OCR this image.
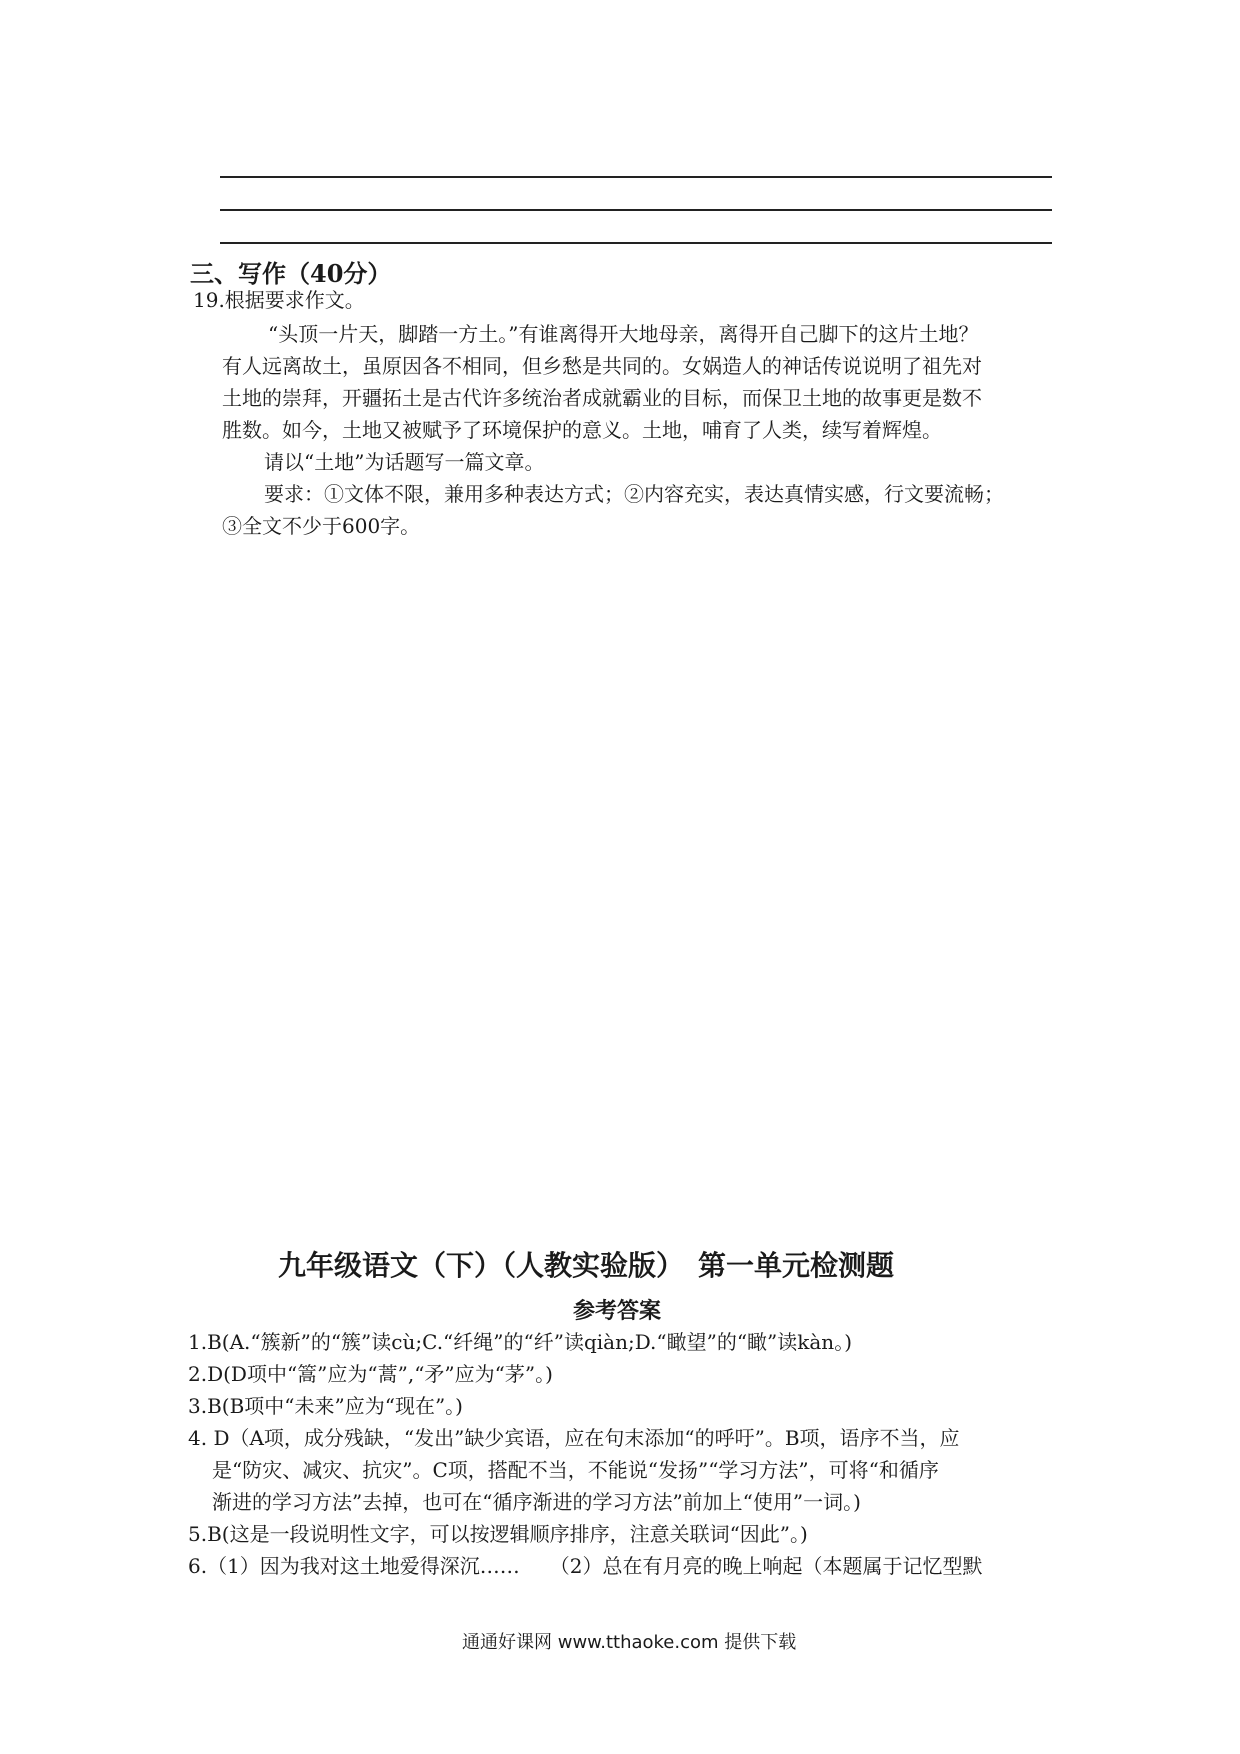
三、写作（40分）
19.根据要求作文。
“头顶一片天，脚踏一方土。”有谁离得开大地母亲，离得开自己脚下的这片土地？
有人远离故土，虽原因各不相同，但乡愁是共同的。女娲造人的神话传说说明了祖先对
土地的崇拜，开疆拓土是古代许多统治者成就霸业的目标，而保卫土地的故事更是数不
胜数。如今，土地又被赋予了环境保护的意义。土地，哺育了人类，续写着辉煌。
请以“土地”为话题写一篇文章。
要求：①文体不限，兼用多种表达方式；②内容充实，表达真情实感，行文要流畅；
③全文不少于600字。
九年级语文（下）（人教实验版）　第一单元检测题
参考答案
1.B(A.“簇新”的“簇”读cù;C.“纤绳”的“纤”读qiàn;D.“瞰望”的“瞰”读kàn。)
2.D(D项中“篙”应为“蒿”,“矛”应为“茅”。)
3.B(B项中“未来”应为“现在”。)
4. D（A项，成分残缺，“发出”缺少宾语，应在句末添加“的呼吁”。B项，语序不当，应
是“防灾、减灾、抗灾”。C项，搭配不当，不能说“发扬”“学习方法”，可将“和循序
渐进的学习方法”去掉，也可在“循序渐进的学习方法”前加上“使用”一词。)
5.B(这是一段说明性文字，可以按逻辑顺序排序，注意关联词“因此”。)
6.（1）因为我对这土地爱得深沉……　　（2）总在有月亮的晚上响起（本题属于记忆型默
通通好课网 www.tthaoke.com 提供下载
